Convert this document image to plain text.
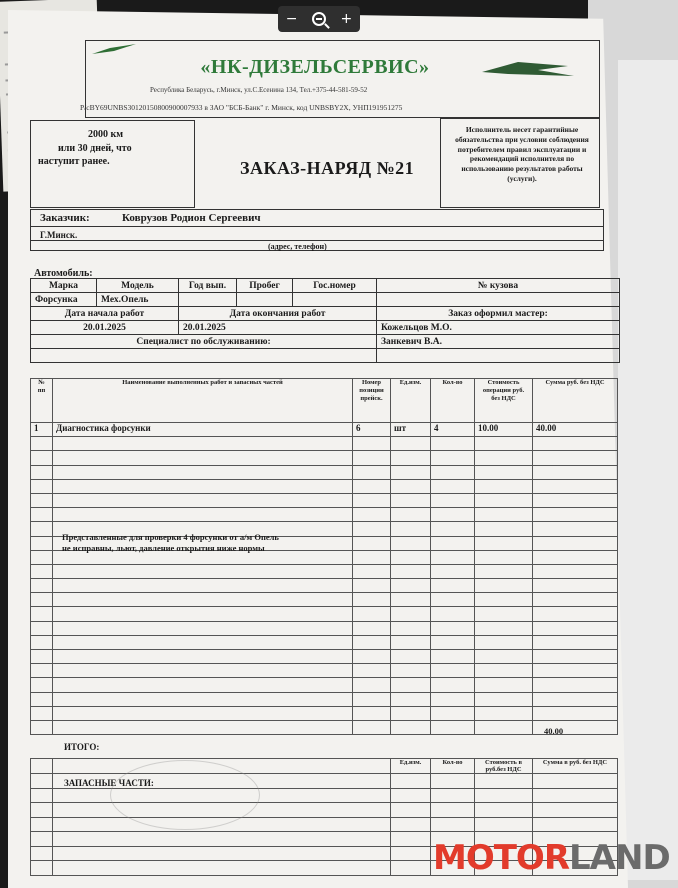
«НК-ДИЗЕЛЬСЕРВИС»
Республика Беларусь, г.Минск, ул.С.Есенина 134, Тел.+375-44-581-59-52
Р/сBY69UNBS30120150800900007933 в ЗАО "БСБ-Банк" г. Минск, код UNBSBY2X, УНП191951275
2000 км
или 30 дней, что
наступит ранее.	ЗАКАЗ-НАРЯД №21
Исполнитель несет гарантийные обязательства при условии соблюдения потребителем правил эксплуатации и рекомендаций исполнителя по использованию результатов работы (услуги).
Заказчик:	Коврузов Родион Сергеевич
Г.Минск.
(адрес, телефон)
Автомобиль:
Марка	Модель	Год вып.	Пробег	Гос.номер	№ кузова
Форсунка	Мех.Опель				
Дата начала работ		Дата окончания работ			Заказ оформил мастер:
20.01.2025		20.01.2025			Кожельцов М.О.
Специалист по обслуживанию:					Занкевич В.А.

№ пп	Наименование выполненных работ и запасных частей	Номер позиции прейск.	Ед.изм.	Кол-во	Стоимость операции руб. без НДС	Сумма руб. без НДС
1	Диагностика форсунки	6	шт	4	10.00	40.00

Представленные для проверки 4 форсунки от а/м Опель
не исправны, льют, давление открытия ниже нормы
		Ед.изм.	Кол-во	Стоимость в руб.без НДС	Сумма в руб. без НДС

ИТОГО:
40.00
ЗАПАСНЫЕ ЧАСТИ:
−	+
MOTORLAND
